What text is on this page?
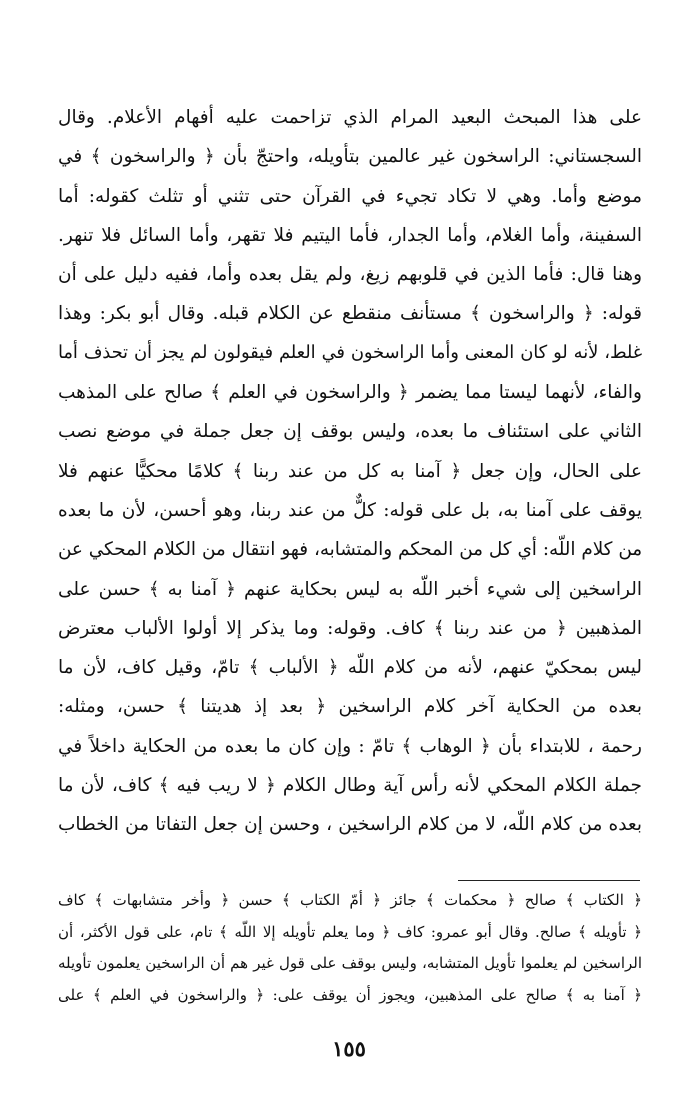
على هذا المبحث البعيد المرام الذي تزاحمت عليه أفهام الأعلام. وقال
السجستاني: الراسخون غير عالمين بتأويله، واحتجّ بأن ﴿ والراسخون ﴾ في
موضع وأما. وهي لا تكاد تجيء في القرآن حتى تثني أو تثلث كقوله: أما
السفينة، وأما الغلام، وأما الجدار، فأما اليتيم فلا تقهر، وأما السائل فلا تنهر.
وهنا قال: فأما الذين في قلوبهم زيغ، ولم يقل بعده وأما، ففيه دليل على أن
قوله: ﴿ والراسخون ﴾ مستأنف منقطع عن الكلام قبله. وقال أبو بكر: وهذا
غلط، لأنه لو كان المعنى وأما الراسخون في العلم فيقولون لم يجز أن تحذف أما
والفاء، لأنهما ليستا مما يضمر ﴿ والراسخون في العلم ﴾ صالح على المذهب
الثاني على استئناف ما بعده، وليس بوقف إن جعل جملة في موضع نصب
على الحال، وإن جعل ﴿ آمنا به كل من عند ربنا ﴾ كلامًا محكيًّا عنهم فلا
يوقف على آمنا به، بل على قوله: كلٌّ من عند ربنا، وهو أحسن، لأن ما بعده
من كلام اللّه: أي كل من المحكم والمتشابه، فهو انتقال من الكلام المحكي عن
الراسخين إلى شيء أخبر اللّه به ليس بحكاية عنهم ﴿ آمنا به ﴾ حسن على
المذهبين ﴿ من عند ربنا ﴾ كاف. وقوله: وما يذكر إلا أولوا الألباب معترض
ليس بمحكيّ عنهم، لأنه من كلام اللّه ﴿ الألباب ﴾ تامّ، وقيل كاف، لأن ما
بعده من الحكاية آخر كلام الراسخين ﴿ بعد إذ هديتنا ﴾ حسن، ومثله:
رحمة ، للابتداء بأن ﴿ الوهاب ﴾ تامّ : وإن كان ما بعده من الحكاية داخلاً في
جملة الكلام المحكي لأنه رأس آية وطال الكلام ﴿ لا ريب فيه ﴾ كاف، لأن ما
بعده من كلام اللّه، لا من كلام الراسخين ، وحسن إن جعل التفاتا من الخطاب
﴿ الكتاب ﴾ صالح ﴿ محكمات ﴾ جائز ﴿ أمّ الكتاب ﴾ حسن ﴿ وأخر متشابهات ﴾ كاف
﴿ تأويله ﴾ صالح. وقال أبو عمرو: كاف ﴿ وما يعلم تأويله إلا اللّه ﴾ تام، على قول الأكثر، أن
الراسخين لم يعلموا تأويل المتشابه، وليس بوقف على قول غير هم أن الراسخين يعلمون تأويله
﴿ آمنا به ﴾ صالح على المذهبين، ويجوز أن يوقف على: ﴿ والراسخون في العلم ﴾ على
١٥٥
